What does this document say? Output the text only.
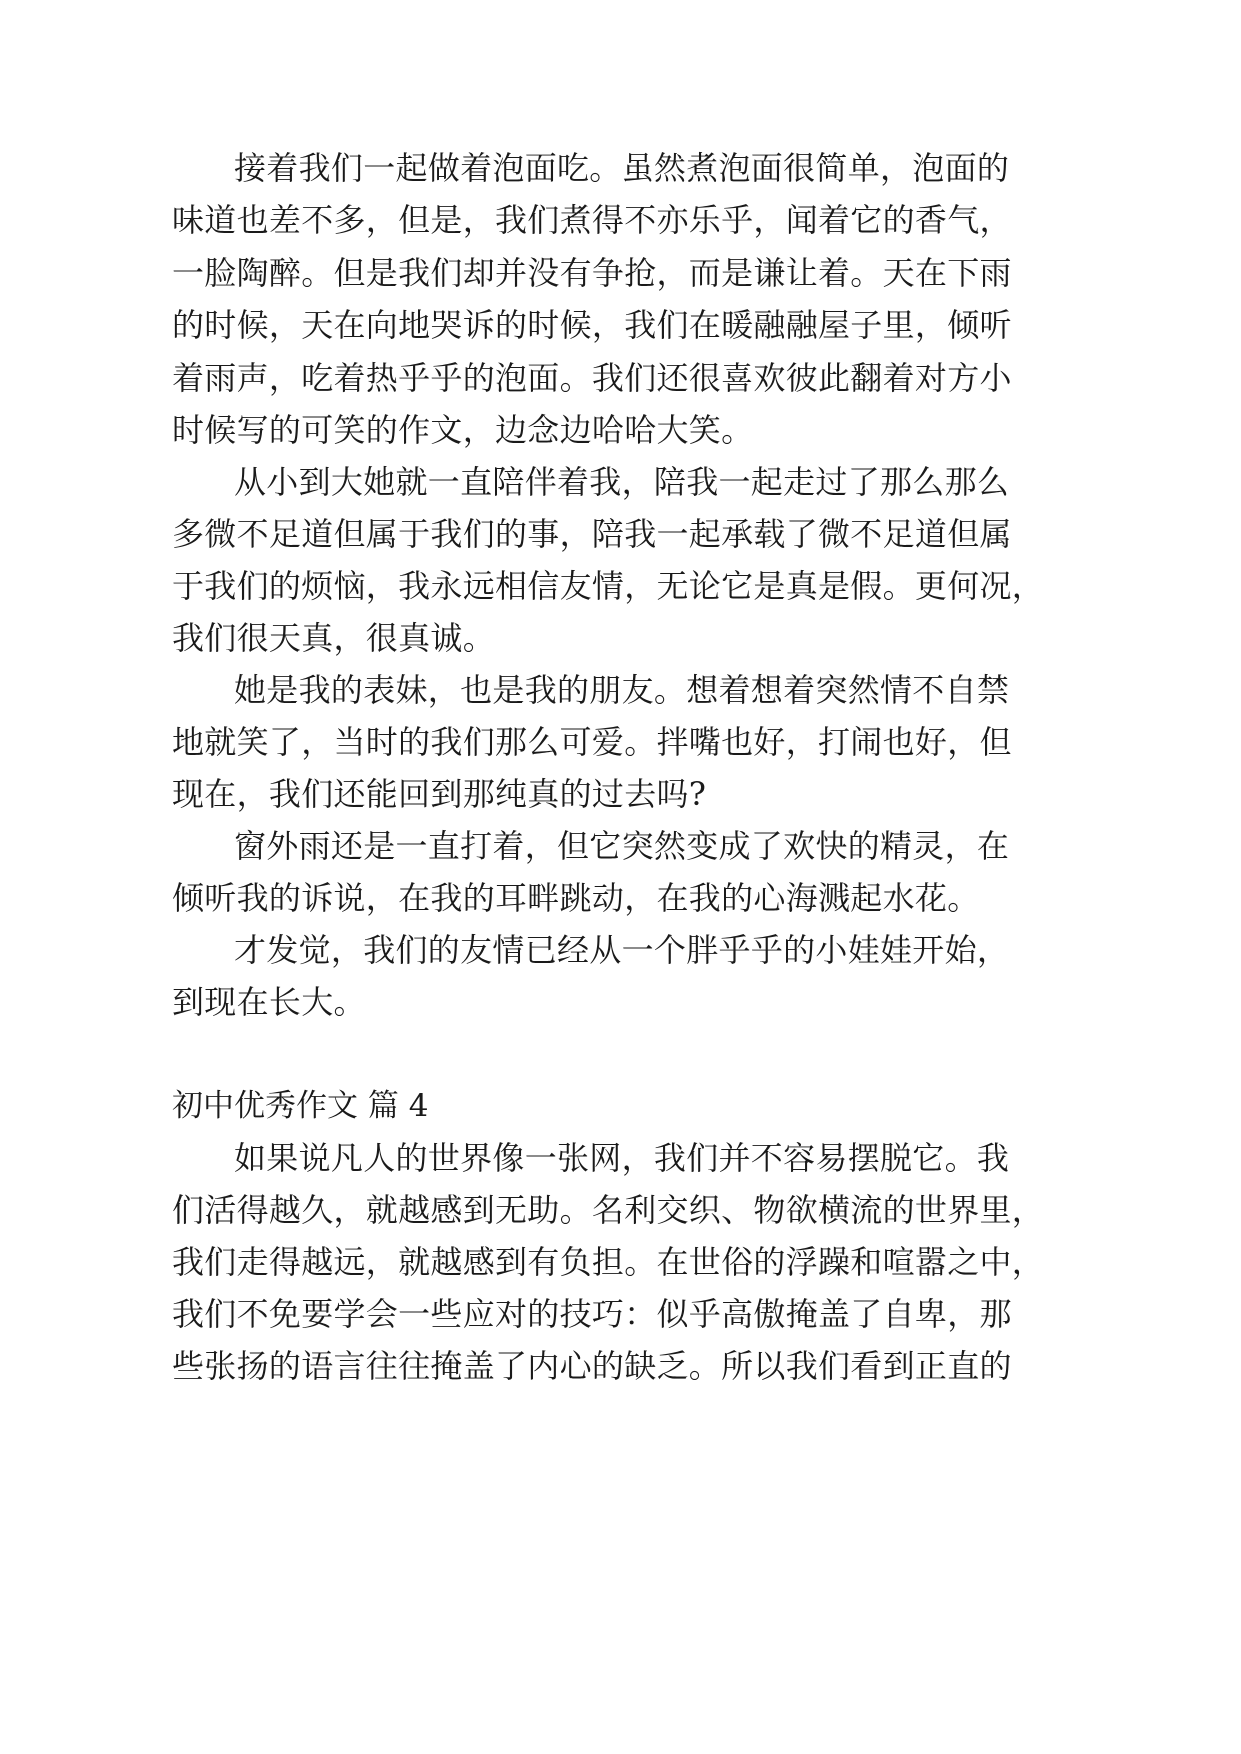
接着我们一起做着泡面吃。虽然煮泡面很简单，泡面的
味道也差不多，但是，我们煮得不亦乐乎，闻着它的香气，
一脸陶醉。但是我们却并没有争抢，而是谦让着。天在下雨
的时候，天在向地哭诉的时候，我们在暖融融屋子里，倾听
着雨声，吃着热乎乎的泡面。我们还很喜欢彼此翻着对方小
时候写的可笑的作文，边念边哈哈大笑。
从小到大她就一直陪伴着我，陪我一起走过了那么那么
多微不足道但属于我们的事，陪我一起承载了微不足道但属
于我们的烦恼，我永远相信友情，无论它是真是假。更何况，
我们很天真，很真诚。
她是我的表妹，也是我的朋友。想着想着突然情不自禁
地就笑了，当时的我们那么可爱。拌嘴也好，打闹也好，但
现在，我们还能回到那纯真的过去吗?
窗外雨还是一直打着，但它突然变成了欢快的精灵，在
倾听我的诉说，在我的耳畔跳动，在我的心海溅起水花。
才发觉，我们的友情已经从一个胖乎乎的小娃娃开始，
到现在长大。
初中优秀作文 篇 4
如果说凡人的世界像一张网，我们并不容易摆脱它。我
们活得越久，就越感到无助。名利交织、物欲横流的世界里，
我们走得越远，就越感到有负担。在世俗的浮躁和喧嚣之中，
我们不免要学会一些应对的技巧：似乎高傲掩盖了自卑，那
些张扬的语言往往掩盖了内心的缺乏。所以我们看到正直的
